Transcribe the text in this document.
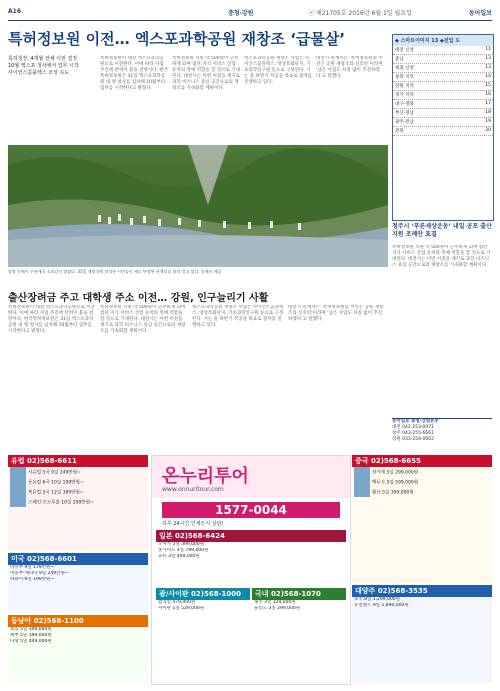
A16	충청·강원	ⓐ 제21705호 2016년 6월 1일 월요일	동아일보
특허정보원 이전… 엑스포과학공원 재창조 ‘급물살’
특허청장, 4개월 전체 이전 결정
10월 엑스포 청사에서 업무 시작
사이언스콤플렉스 조성 속도
특허정보원이 대전 엑스포과학공원으로 이전한다. 이에 따라 사업 추진에 탄력이 붙을 전망이다. 한국특허정보원은 31일 엑스포과학공원 내 옛 청사를 임차해 10월부터 업무를 시작한다고 밝혔다.
특허정보원 직원 약 500명이 근무하게 되며 첨단 지식 서비스 산업 유치의 촉매 역할을 할 것으로 기대된다. 대전시는 이번 이전을 계기로 과학 비즈니스 중심 공간으로의 재창조를 가속화할 계획이다.
엑스포과학공원 재창조 사업은 사이언스콤플렉스, 영상특화단지, 기초과학연구원 등으로 구성된다. 시는 올 하반기 착공을 목표로 절차를 진행하고 있다.
대전시 관계자는 ‘특허정보원의 이전은 공원 재창조의 신호탄’이라며 ‘남은 사업도 차질 없이 추진하겠다’고 말했다.
◆ 스마트이미지 13 ◆전입 도
대전 신청	11
충남	13
세종 신청	13
충북 지역	14
강원 지역	15
경기 지역	16
대구·경북	17
부산·경남	18
광주·전남	19
전북	20
강원 동해시 무릉계곡 소리길이 열렸다. 31일 개장식에 참석한 시민들이 새로 단장된 산책로를 따라 걷고 있다. 동해시 제공
출산장려금 주고 대학생 주소 이전… 강원, 인구늘리기 사활
특허정보원이 대전 엑스포과학공원으로 이전한다. 이에 따라 사업 추진에 탄력이 붙을 전망이다. 한국특허정보원은 31일 엑스포과학공원 내 옛 청사를 임차해 10월부터 업무를 시작한다고 밝혔다.
특허정보원 직원 약 500명이 근무하게 되며 첨단 지식 서비스 산업 유치의 촉매 역할을 할 것으로 기대된다. 대전시는 이번 이전을 계기로 과학 비즈니스 중심 공간으로의 재창조를 가속화할 계획이다.
엑스포과학공원 재창조 사업은 사이언스콤플렉스, 영상특화단지, 기초과학연구원 등으로 구성된다. 시는 올 하반기 착공을 목표로 절차를 진행하고 있다.
대전시 관계자는 ‘특허정보원의 이전은 공원 재창조의 신호탄’이라며 ‘남은 사업도 차질 없이 추진하겠다’고 말했다.
청주시 ‘푸른세상운동’ 내일 공포 출산지원 조례안 표결
특허정보원 직원 약 500명이 근무하게 되며 첨단 지식 서비스 산업 유치의 촉매 역할을 할 것으로 기대된다. 대전시는 이번 이전을 계기로 과학 비즈니스 중심 공간으로의 재창조를 가속화할 계획이다.
동아일보 충청·강원본부
대전 042-253-0071
청주 043-255-6661
강원 033-254-0002
유럽 02)568-6611
서유럽 5국 9일 249만원~
동유럽 6국 10일 199만원~
북유럽 5국 12일 389만원~
스페인·포르투갈 10일 299만원~
미국 02)568-6601
미서부 9일 179만원~
미동부·캐나다 9일 249만원~
하와이 6일 199만원~
동남아 02)568-1100
보홀 5일 349,000원
세부 5일 399,000원
다낭 5일 449,000원
온누리투어
www.onnuritour.com
1577-0044
하루 24시간 언제든지 상담!
일본 02)568-6424
오사카 3일 399,000원
홋카이도 4일 799,000원
규슈 3일 499,000원
괌/사이판 02)568-1000
괌 5일 479,000원
사이판 5일 529,000원
국내 02)568-1070
제주 3일 129,000원
울릉도 3일 299,000원
중국 02)568-6655
장가계 5일 299,000원
백두산 5일 599,000원
황산 5일 399,000원
대양주 02)568-3535
호주 8일 1,299,000원
뉴질랜드 9일 1,890,000원
